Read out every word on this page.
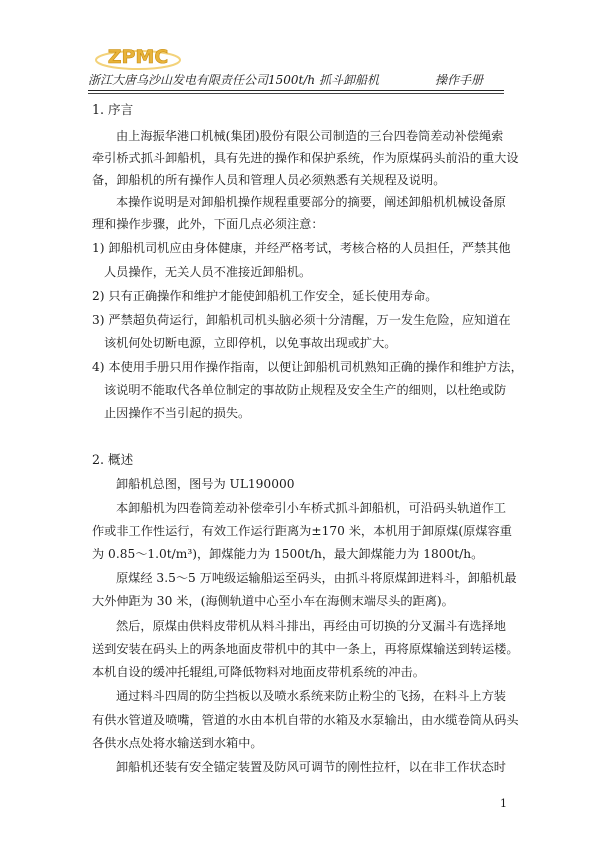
ZPMC
浙江大唐乌沙山发电有限责任公司1500t/h 抓斗卸船机	操作手册
1. 序言
由上海振华港口机械(集团)股份有限公司制造的三台四卷筒差动补偿绳索
牵引桥式抓斗卸船机，具有先进的操作和保护系统，作为原煤码头前沿的重大设
备，卸船机的所有操作人员和管理人员必须熟悉有关规程及说明。
本操作说明是对卸船机操作规程重要部分的摘要，阐述卸船机机械设备原
理和操作步骤，此外，下面几点必须注意：
1) 卸船机司机应由身体健康，并经严格考试，考核合格的人员担任，严禁其他
人员操作，无关人员不准接近卸船机。
2) 只有正确操作和维护才能使卸船机工作安全，延长使用寿命。
3) 严禁超负荷运行，卸船机司机头脑必须十分清醒，万一发生危险，应知道在
该机何处切断电源，立即停机，以免事故出现或扩大。
4) 本使用手册只用作操作指南，以便让卸船机司机熟知正确的操作和维护方法，
该说明不能取代各单位制定的事故防止规程及安全生产的细则，以杜绝或防
止因操作不当引起的损失。
2. 概述
卸船机总图，图号为 UL190000
本卸船机为四卷筒差动补偿牵引小车桥式抓斗卸船机，可沿码头轨道作工
作或非工作性运行，有效工作运行距离为±170 米，本机用于卸原煤(原煤容重
为 0.85～1.0t/m³)，卸煤能力为 1500t/h，最大卸煤能力为 1800t/h。
原煤经 3.5～5 万吨级运输船运至码头，由抓斗将原煤卸进料斗，卸船机最
大外伸距为 30 米，(海侧轨道中心至小车在海侧末端尽头的距离)。
然后，原煤由供料皮带机从料斗排出，再经由可切换的分叉漏斗有选择地
送到安装在码头上的两条地面皮带机中的其中一条上，再将原煤输送到转运楼。
本机自设的缓冲托辊组,可降低物料对地面皮带机系统的冲击。
通过料斗四周的防尘挡板以及喷水系统来防止粉尘的飞扬，在料斗上方装
有供水管道及喷嘴，管道的水由本机自带的水箱及水泵输出，由水缆卷筒从码头
各供水点处将水输送到水箱中。
卸船机还装有安全锚定装置及防风可调节的刚性拉杆，以在非工作状态时
1
